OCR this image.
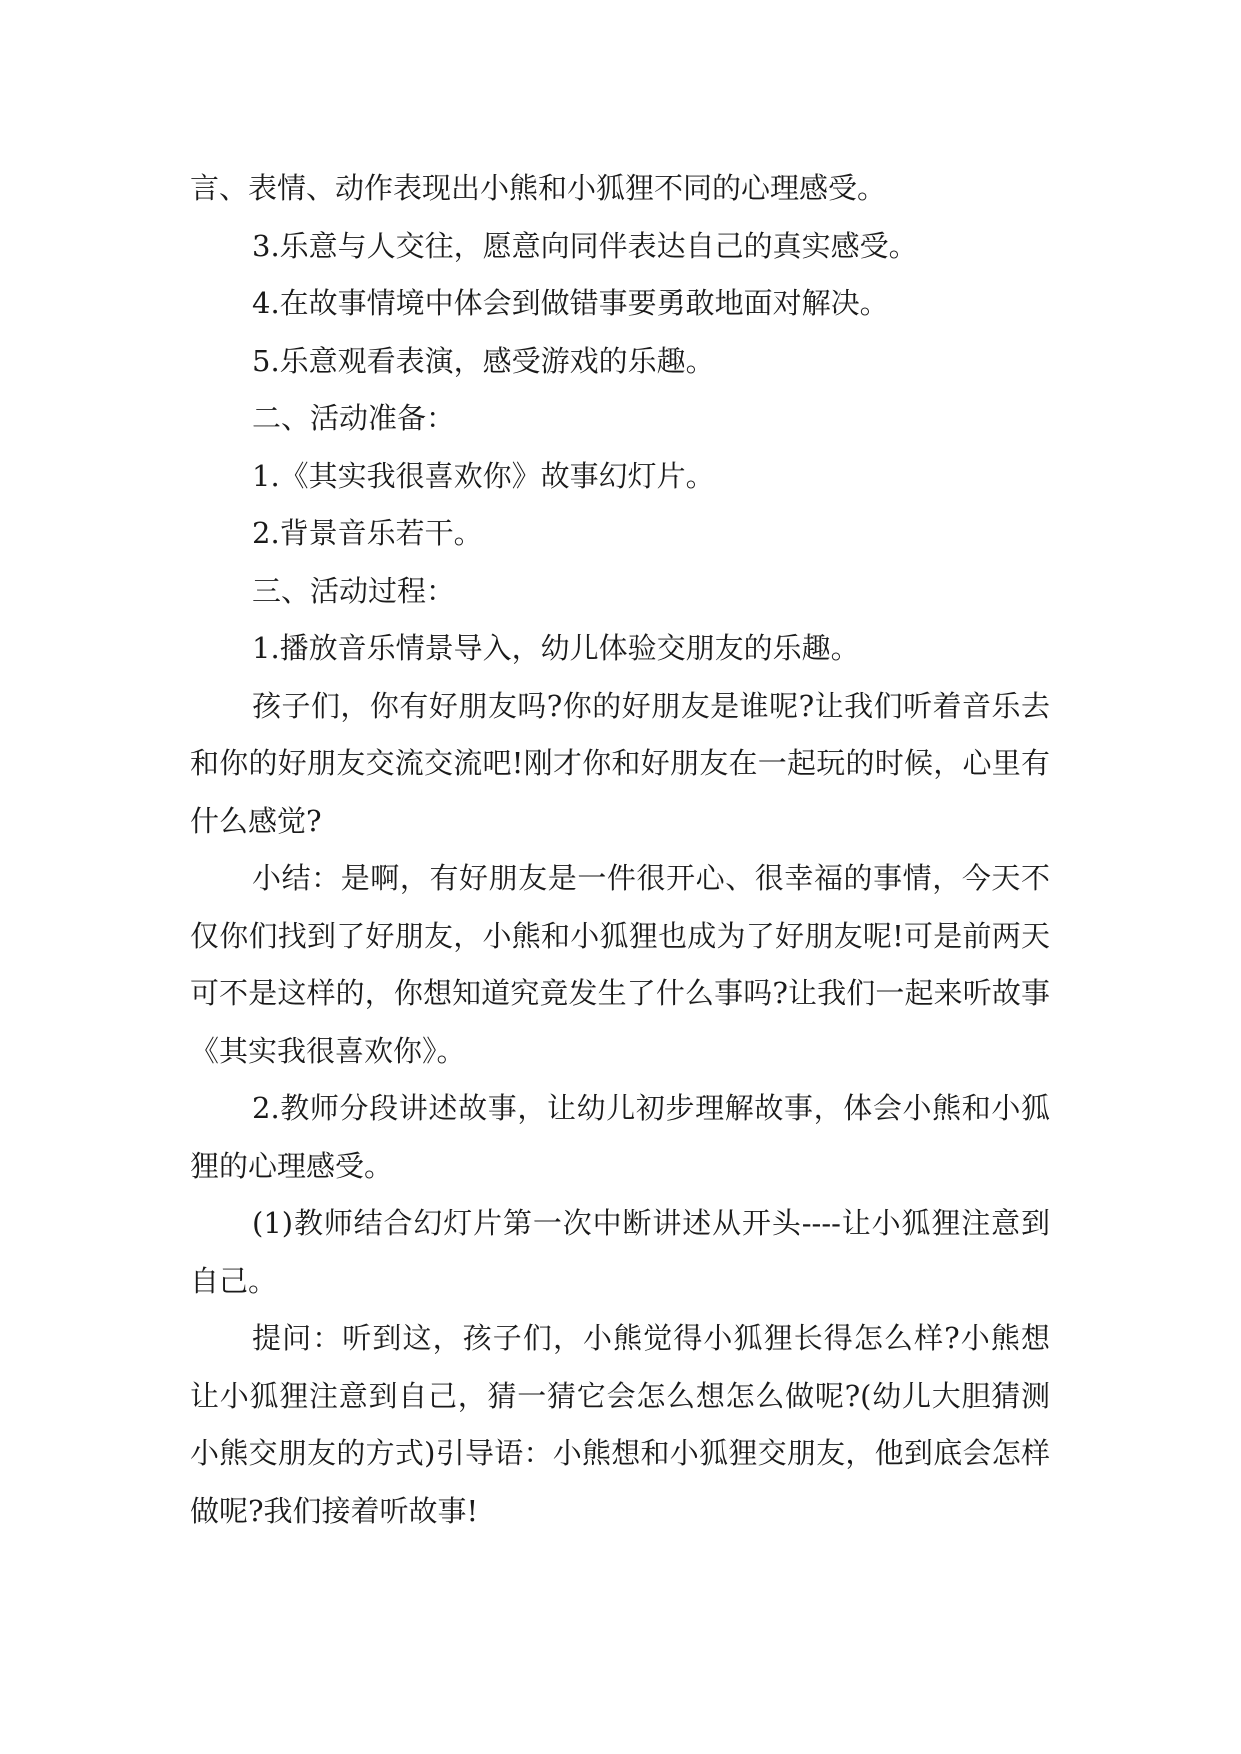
言、表情、动作表现出小熊和小狐狸不同的心理感受。

3.乐意与人交往，愿意向同伴表达自己的真实感受。

4.在故事情境中体会到做错事要勇敢地面对解决。

5.乐意观看表演，感受游戏的乐趣。

二、活动准备：

1.《其实我很喜欢你》故事幻灯片。

2.背景音乐若干。

三、活动过程：

1.播放音乐情景导入，幼儿体验交朋友的乐趣。

孩子们，你有好朋友吗?你的好朋友是谁呢?让我们听着音乐去和你的好朋友交流交流吧!刚才你和好朋友在一起玩的时候，心里有什么感觉?

小结：是啊，有好朋友是一件很开心、很幸福的事情，今天不仅你们找到了好朋友，小熊和小狐狸也成为了好朋友呢!可是前两天可不是这样的，你想知道究竟发生了什么事吗?让我们一起来听故事《其实我很喜欢你》。

2.教师分段讲述故事，让幼儿初步理解故事，体会小熊和小狐狸的心理感受。

(1)教师结合幻灯片第一次中断讲述从开头----让小狐狸注意到自己。

提问：听到这，孩子们，小熊觉得小狐狸长得怎么样?小熊想让小狐狸注意到自己，猜一猜它会怎么想怎么做呢?(幼儿大胆猜测小熊交朋友的方式)引导语：小熊想和小狐狸交朋友，他到底会怎样做呢?我们接着听故事!
